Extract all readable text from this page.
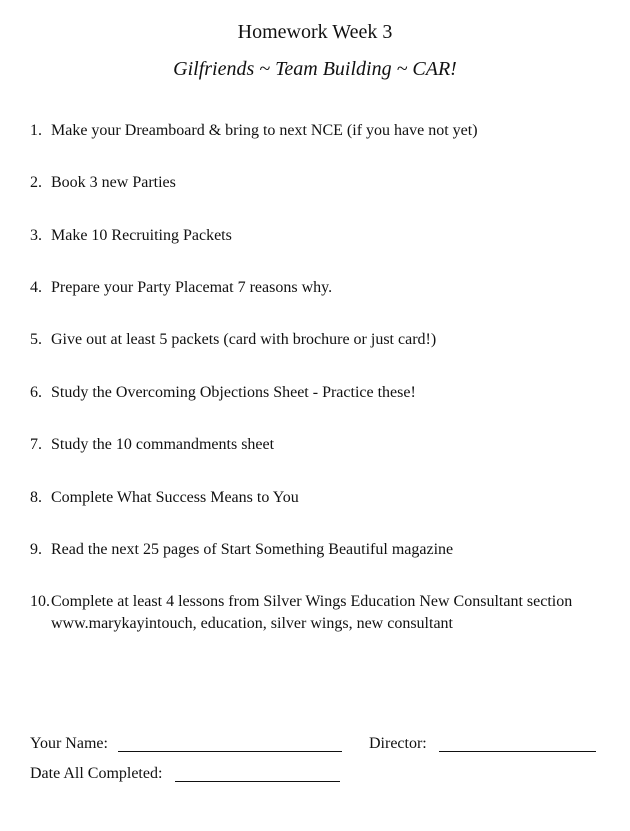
Homework Week 3
Gilfriends ~ Team Building ~ CAR!
1. Make your Dreamboard & bring to next NCE (if you have not yet)
2. Book 3 new Parties
3. Make 10 Recruiting Packets
4. Prepare your Party Placemat 7 reasons why.
5. Give out at least 5 packets (card with brochure or just card!)
6. Study the Overcoming Objections Sheet - Practice these!
7. Study the 10 commandments sheet
8. Complete What Success Means to You
9. Read the next 25 pages of Start Something Beautiful magazine
10. Complete at least 4 lessons from Silver Wings Education New Consultant section
www.marykayintouch, education, silver wings, new consultant
Your Name:	Director:
Date All Completed:
